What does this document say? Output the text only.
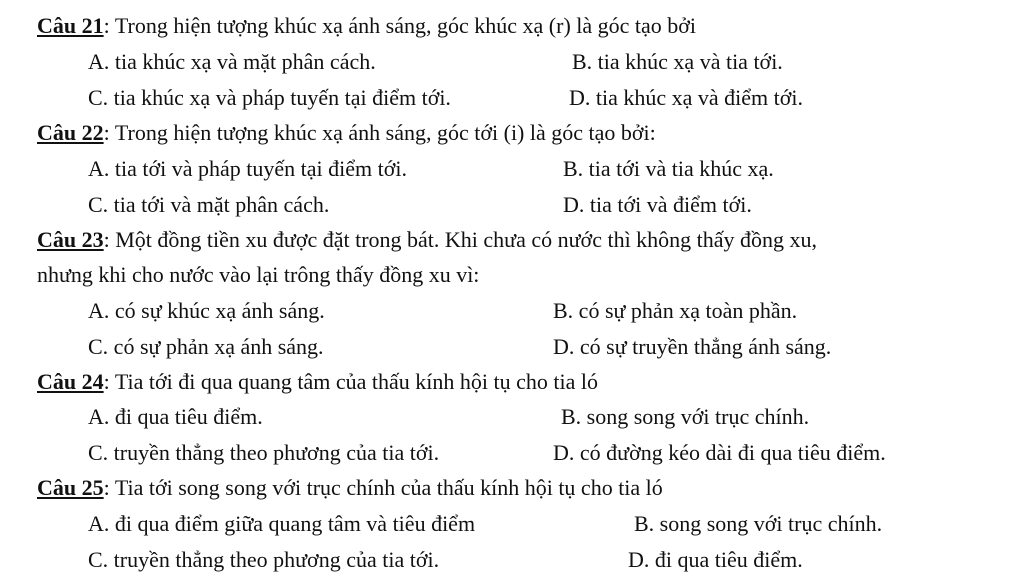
Câu 21: Trong hiện tượng khúc xạ ánh sáng, góc khúc xạ (r) là góc tạo bởi
A. tia khúc xạ và mặt phân cách.	B. tia khúc xạ và tia tới.
C. tia khúc xạ và pháp tuyến tại điểm tới.	D. tia khúc xạ và điểm tới.
Câu 22: Trong hiện tượng khúc xạ ánh sáng, góc tới (i) là góc tạo bởi:
A. tia tới và pháp tuyến tại điểm tới.	B. tia tới và tia khúc xạ.
C. tia tới và mặt phân cách.	D. tia tới và điểm tới.
Câu 23: Một đồng tiền xu được đặt trong bát. Khi chưa có nước thì không thấy đồng xu,
nhưng khi cho nước vào lại trông thấy đồng xu vì:
A. có sự khúc xạ ánh sáng.	B. có sự phản xạ toàn phần.
C. có sự phản xạ ánh sáng.	D. có sự truyền thẳng ánh sáng.
Câu 24: Tia tới đi qua quang tâm của thấu kính hội tụ cho tia ló
A. đi qua tiêu điểm.	B. song song với trục chính.
C. truyền thẳng theo phương của tia tới.	D. có đường kéo dài đi qua tiêu điểm.
Câu 25: Tia tới song song với trục chính của thấu kính hội tụ cho tia ló
A. đi qua điểm giữa quang tâm và tiêu điểm	B. song song với trục chính.
C. truyền thẳng theo phương của tia tới.	D. đi qua tiêu điểm.
